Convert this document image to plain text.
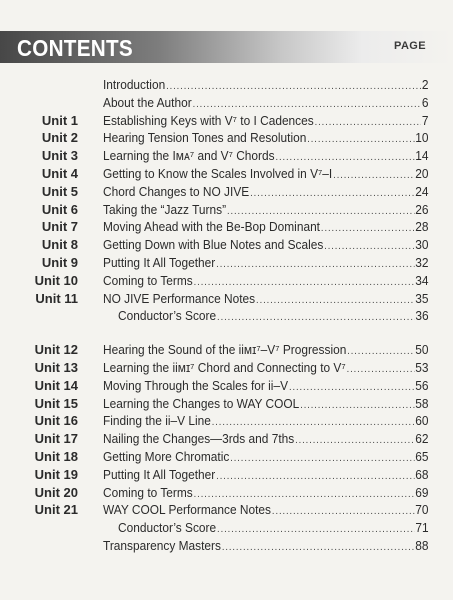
CONTENTS	PAGE
Introduction .....	2
About the Author .....	6
Unit 1 Establishing Keys with V⁷ to I Cadences .....	7
Unit 2 Hearing Tension Tones and Resolution .....	10
Unit 3 Learning the Iᴍᴀ⁷ and V⁷ Chords .....	14
Unit 4 Getting to Know the Scales Involved in V⁷–I .....	20
Unit 5 Chord Changes to NO JIVE .....	24
Unit 6 Taking the “Jazz Turns” .....	26
Unit 7 Moving Ahead with the Be-Bop Dominant .....	28
Unit 8 Getting Down with Blue Notes and Scales .....	30
Unit 9 Putting It All Together .....	32
Unit 10 Coming to Terms .....	34
Unit 11 NO JIVE Performance Notes .....	35
Conductor’s Score .....	36
Unit 12 Hearing the Sound of the iiᴍɪ⁷–V⁷ Progression .....	50
Unit 13 Learning the iiᴍɪ⁷ Chord and Connecting to V⁷ .....	53
Unit 14 Moving Through the Scales for ii–V .....	56
Unit 15 Learning the Changes to WAY COOL .....	58
Unit 16 Finding the ii–V Line .....	60
Unit 17 Nailing the Changes—3rds and 7ths .....	62
Unit 18 Getting More Chromatic .....	65
Unit 19 Putting It All Together .....	68
Unit 20 Coming to Terms .....	69
Unit 21 WAY COOL Performance Notes .....	70
Conductor’s Score .....	71
Transparency Masters .....	88
